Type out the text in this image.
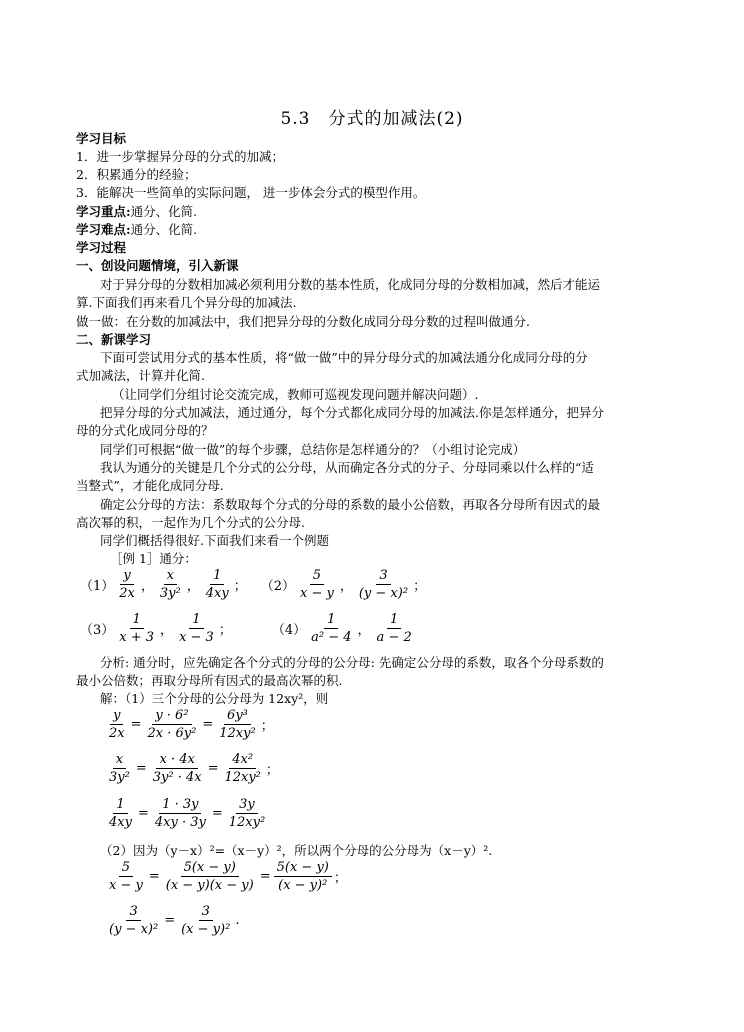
5.3　分式的加减法(2)
学习目标
1．进一步掌握异分母的分式的加减；
2．积累通分的经验；
3．能解决一些简单的实际问题， 进一步体会分式的模型作用。
学习重点:通分、化简.
学习难点:通分、化简.
学习过程
一、创设问题情境，引入新课
对于异分母的分数相加减必须利用分数的基本性质，化成同分母的分数相加减，然后才能运
算.下面我们再来看几个异分母的加减法.
做一做：在分数的加减法中，我们把异分母的分数化成同分母分数的过程叫做通分.
二、新课学习
下面可尝试用分式的基本性质，将“做一做”中的异分母分式的加减法通分化成同分母的分
式加减法，计算并化简.
（让同学们分组讨论交流完成，教师可巡视发现问题并解决问题）.
把异分母的分式加减法，通过通分，每个分式都化成同分母的加减法.你是怎样通分，把异分
母的分式化成同分母的？
同学们可根据“做一做”的每个步骤，总结你是怎样通分的？（小组讨论完成）
我认为通分的关键是几个分式的公分母，从而确定各分式的分子、分母同乘以什么样的“适
当整式”，才能化成同分母.
确定公分母的方法：系数取每个分式的分母的系数的最小公倍数，再取各分母所有因式的最
高次幂的积，一起作为几个分式的公分母.
同学们概括得很好.下面我们来看一个例题
［例 1］通分：
$(1) \frac{y}{2x}$ ， $\frac{x}{\text{3y²}}$ ， $\frac{1}{4xy}$ ； $(2) \frac{5}{x - y}$ ， $\frac{3}{\text{(y − x)²}}$ ；
$(3) \frac{1}{x + 3}$ ， $\frac{1}{x - 3}$ ；	$(4) \frac{1}{\text{a² − 4}}$ ， $\frac{1}{a - 2}$
分析: 通分时，应先确定各个分式的分母的公分母: 先确定公分母的系数，取各个分母系数的
最小公倍数；再取分母所有因式的最高次幂的积.
解：（1）三个分母的公分母为 12xy²，则
$\frac{y}{2x} = \frac{\text{y · 6²}}{\text{2x · 6y²}} = \frac{\text{6y³}}{\text{12xy²}}$ ；
$\frac{x}{\text{3y²}} = \frac{x \cdot 4x}{\text{3y² · 4x}} = \frac{\text{4x²}}{\text{12xy²}}$ ；
$\frac{1}{4xy} = \frac{1 \cdot 3y}{4xy \cdot 3y} = \frac{3y}{\text{12xy²}}$
（2）因为（y－x）²=（x－y）²，所以两个分母的公分母为（x－y）².
$\frac{5}{x - y} = \frac{5(x - y)}{(x - y)(x - y)} = \frac{5(x - y)}{\text{(x − y)²}}$ ；
$\frac{3}{\text{(y − x)²}} = \frac{3}{\text{(x − y)²}}$ .
